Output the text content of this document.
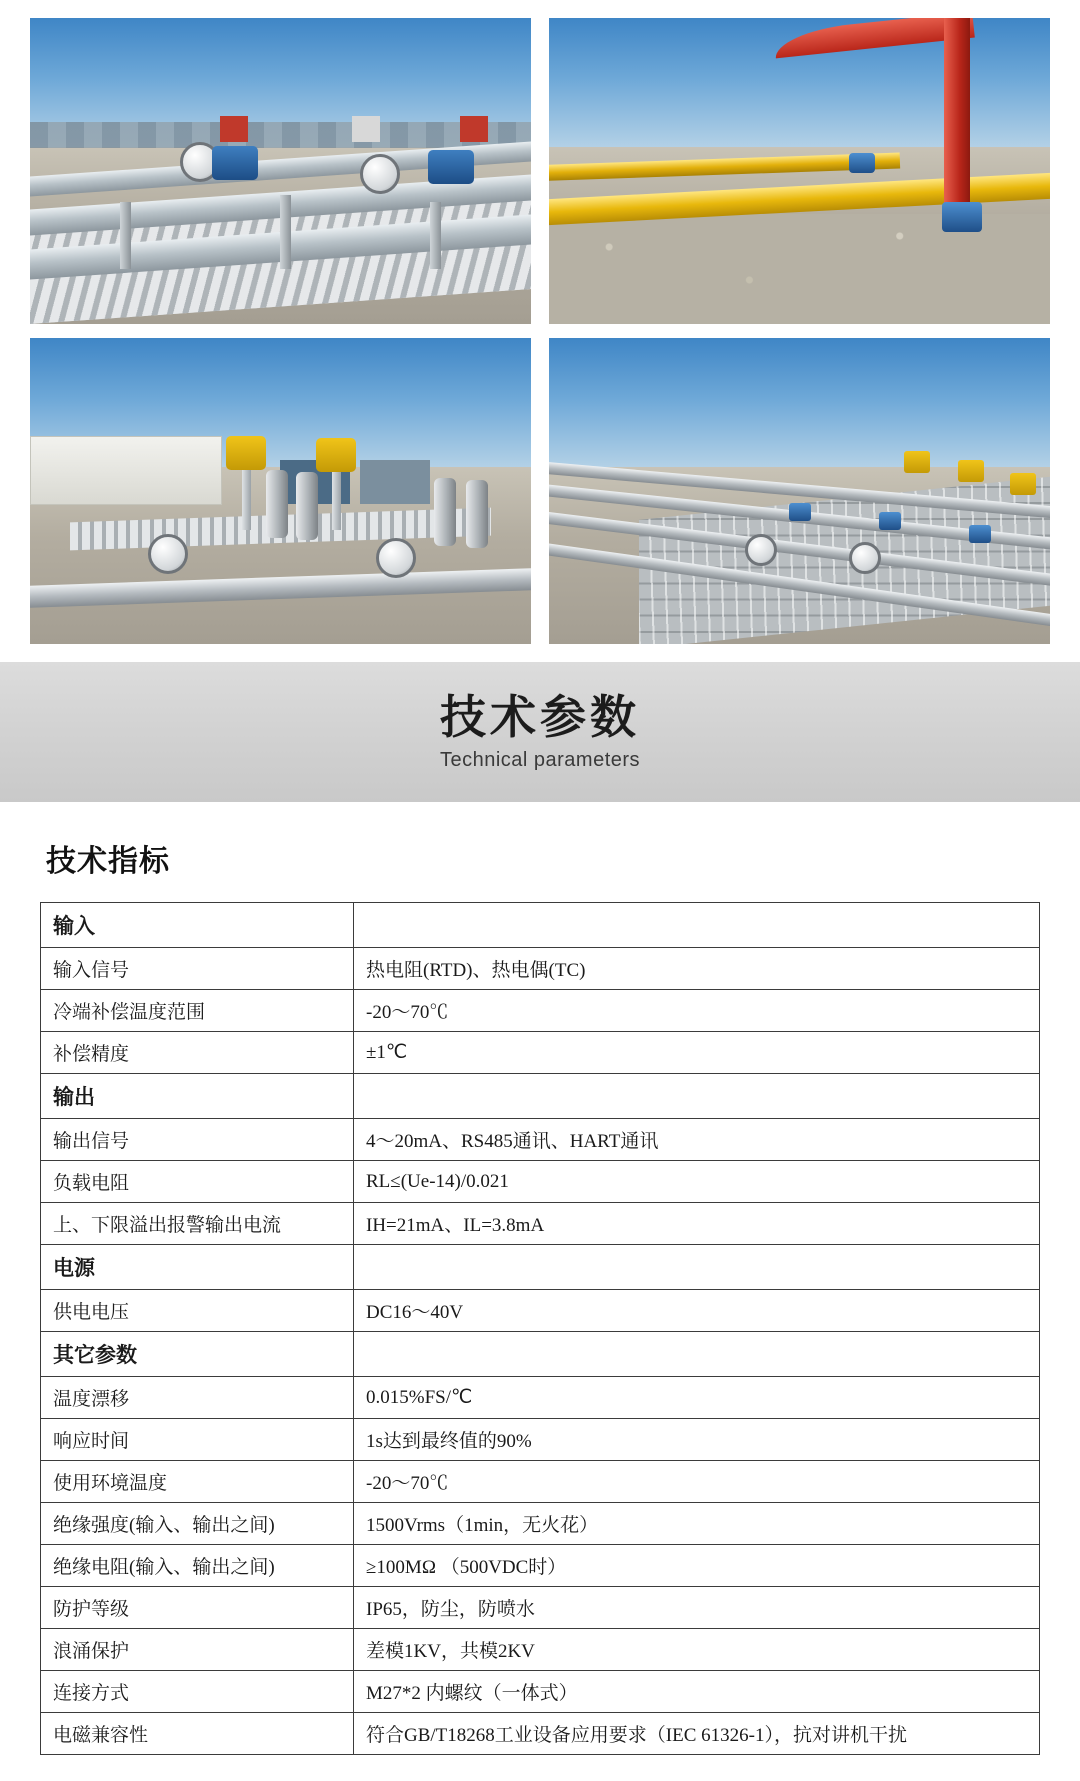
技术参数
Technical parameters
技术指标
输入	
输入信号	热电阻(RTD)、热电偶(TC)
冷端补偿温度范围	-20～70℃
补偿精度	±1℃
输出	
输出信号	4～20mA、RS485通讯、HART通讯
负载电阻	RL≤(Ue-14)/0.021
上、下限溢出报警输出电流	IH=21mA、IL=3.8mA
电源	
供电电压	DC16～40V
其它参数	
温度漂移	0.015%FS/℃
响应时间	1s达到最终值的90%
使用环境温度	-20～70℃
绝缘强度(输入、输出之间)	1500Vrms（1min，无火花）
绝缘电阻(输入、输出之间)	≥100MΩ （500VDC时）
防护等级	IP65，防尘，防喷水
浪涌保护	差模1KV，共模2KV
连接方式	M27*2 内螺纹（一体式）
电磁兼容性	符合GB/T18268工业设备应用要求（IEC 61326-1），抗对讲机干扰
